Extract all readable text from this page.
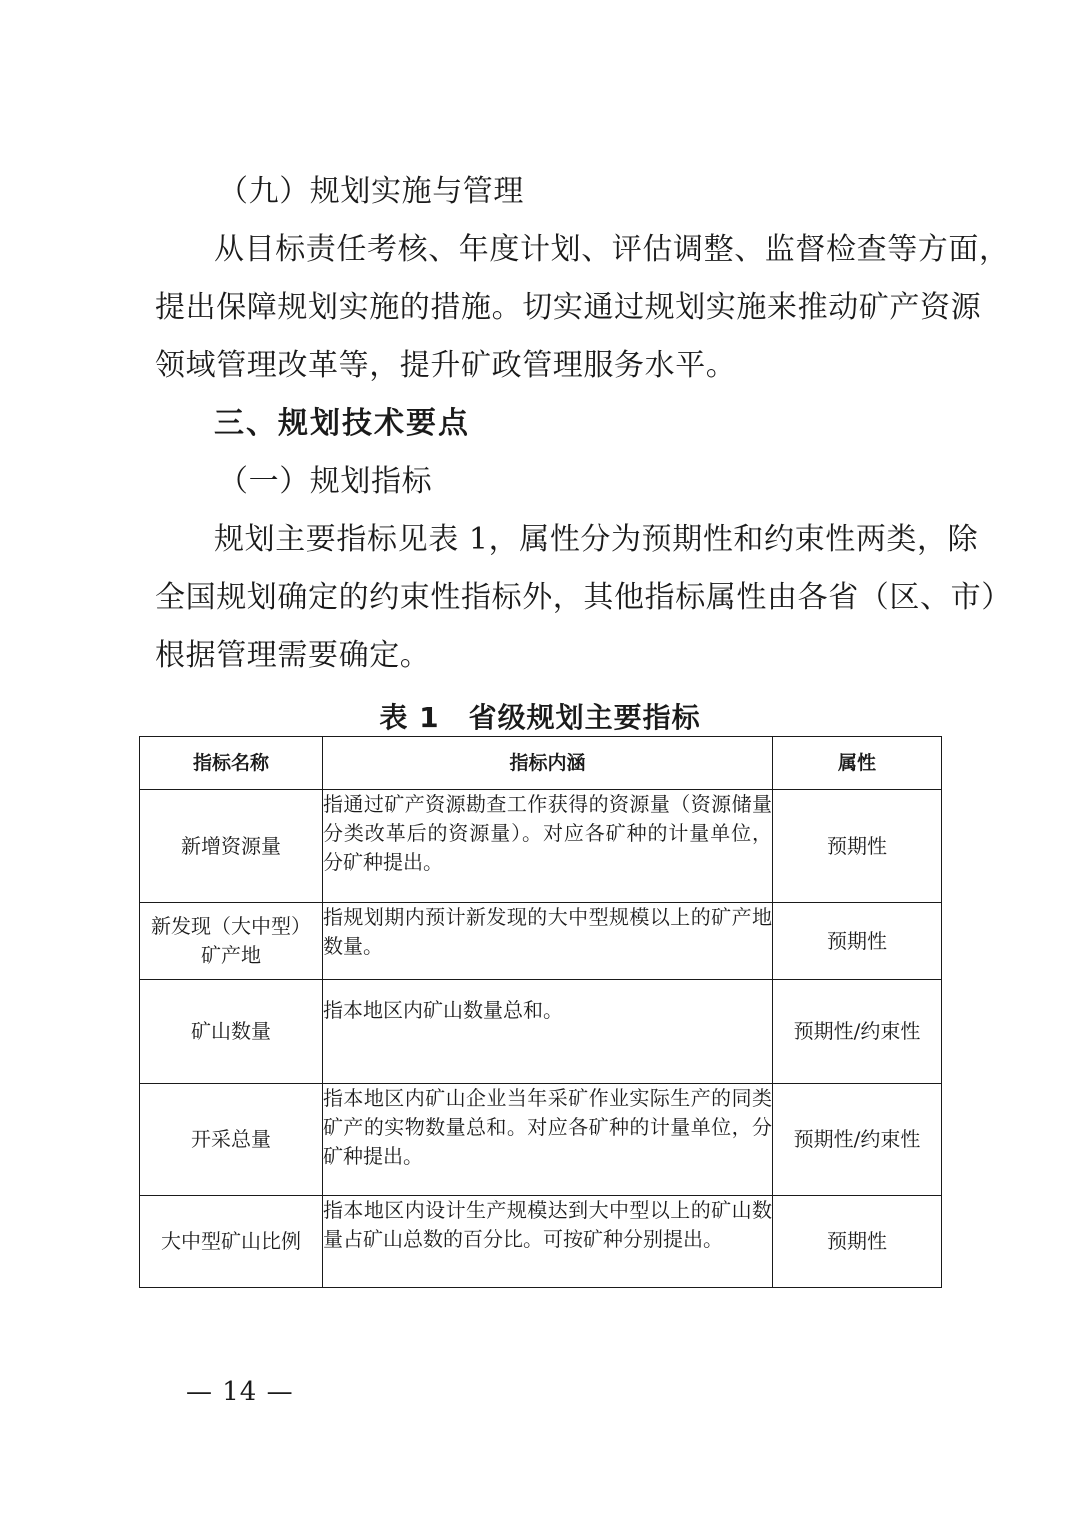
（九）规划实施与管理
从目标责任考核、年度计划、评估调整、监督检查等方面，
提出保障规划实施的措施。切实通过规划实施来推动矿产资源
领域管理改革等，提升矿政管理服务水平。
三、规划技术要点
（一）规划指标
规划主要指标见表 1，属性分为预期性和约束性两类，除
全国规划确定的约束性指标外，其他指标属性由各省（区、市）
根据管理需要确定。
表 1　省级规划主要指标
指标名称	指标内涵	属性
新增资源量	指通过矿产资源勘查工作获得的资源量（资源储量分类改革后的资源量）。对应各矿种的计量单位，分矿种提出。	预期性
新发现（大中型）矿产地	指规划期内预计新发现的大中型规模以上的矿产地数量。	预期性
矿山数量	指本地区内矿山数量总和。	预期性/约束性
开采总量	指本地区内矿山企业当年采矿作业实际生产的同类矿产的实物数量总和。对应各矿种的计量单位，分矿种提出。	预期性/约束性
大中型矿山比例	指本地区内设计生产规模达到大中型以上的矿山数量占矿山总数的百分比。可按矿种分别提出。	预期性
— 14 —
